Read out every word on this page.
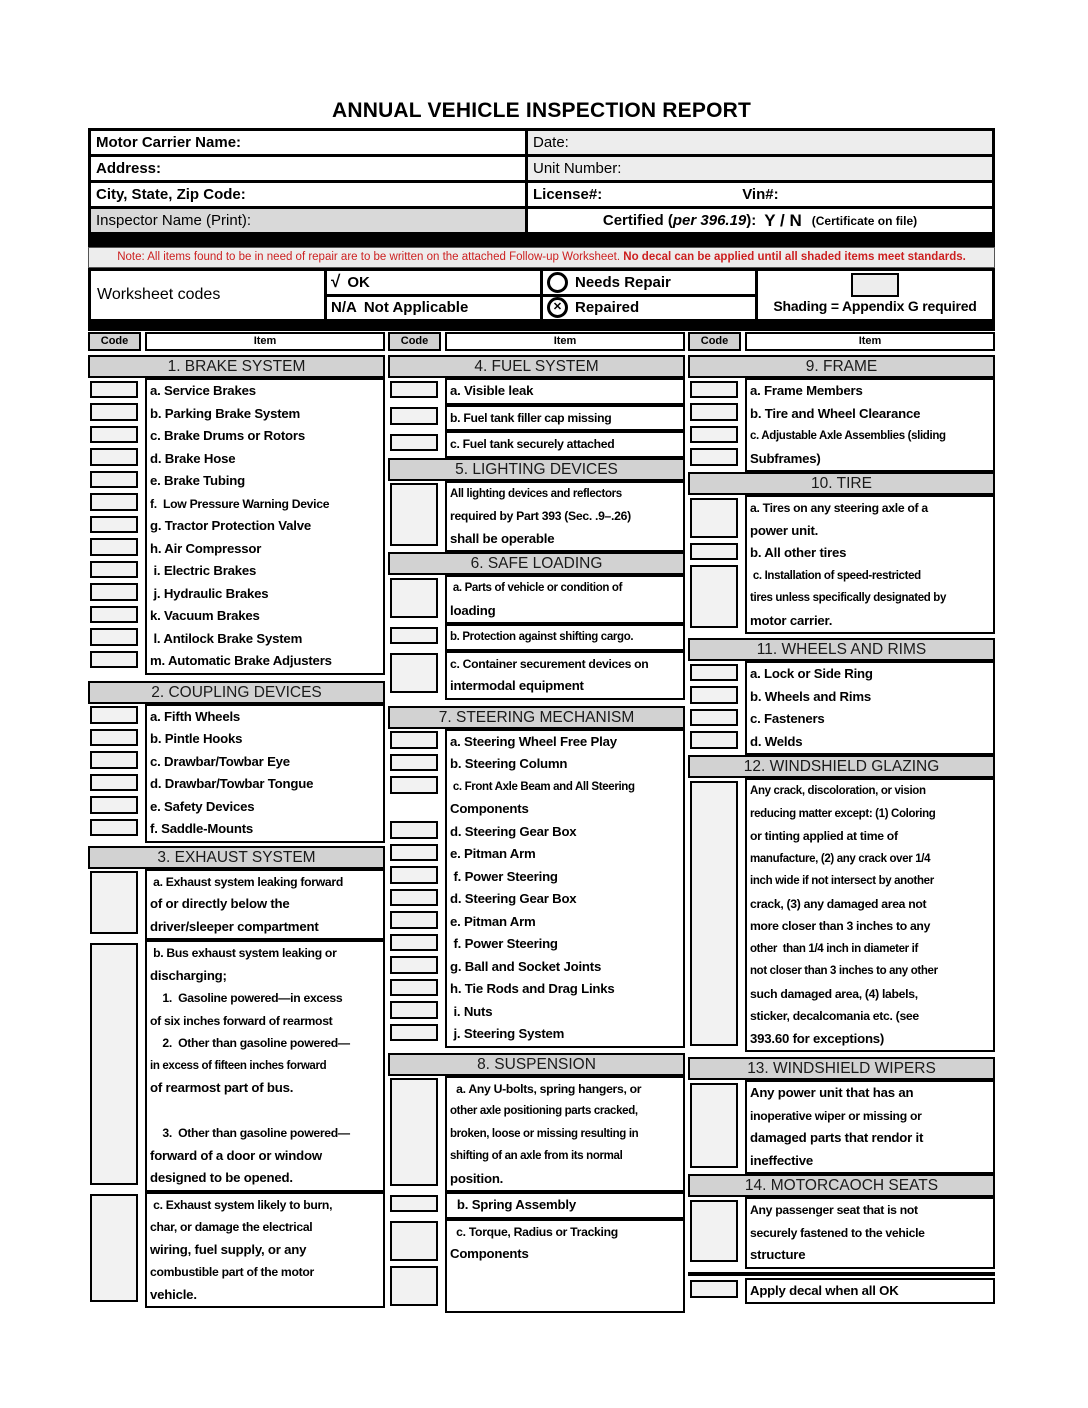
ANNUAL VEHICLE INSPECTION REPORT
Motor Carrier Name:	Date:
Address:	Unit Number:
City, State, Zip Code:	License#:	Vin#:
Inspector Name (Print):	Certified ( per 396.19 ): Y / N (Certificate on file)
Note: All items found to be in need of repair are to be written on the attached Follow-up Worksheet. No decal can be applied until all shaded items meet standards.
Worksheet codes
√ OK
N/A Not Applicable
Needs Repair
✕
Repaired	Shading = Appendix G required
Code	Item
1. BRAKE SYSTEM
a. Service Brakes
b. Parking Brake System
c. Brake Drums or Rotors
d. Brake Hose
e. Brake Tubing
f.  Low Pressure Warning Device
g. Tractor Protection Valve
h. Air Compressor
i. Electric Brakes
j. Hydraulic Brakes
k. Vacuum Brakes
l. Antilock Brake System
m. Automatic Brake Adjusters
2. COUPLING DEVICES
a. Fifth Wheels
b. Pintle Hooks
c. Drawbar/Towbar Eye
d. Drawbar/Towbar Tongue
e. Safety Devices
f. Saddle-Mounts
3. EXHAUST SYSTEM
a. Exhaust system leaking forward
of or directly below the
driver/sleeper compartment
b. Bus exhaust system leaking or
discharging;
1.  Gasoline powered—in excess
of six inches forward of rearmost
2.  Other than gasoline powered—
in excess of fifteen inches forward
of rearmost part of bus.
3.  Other than gasoline powered—
forward of a door or window
designed to be opened.
c. Exhaust system likely to burn,
char, or damage the electrical
wiring, fuel supply, or any
combustible part of the motor
vehicle.
Code	Item
4. FUEL SYSTEM
a. Visible leak
b. Fuel tank filler cap missing
c. Fuel tank securely attached
5. LIGHTING DEVICES
All lighting devices and reflectors
required by Part 393 (Sec. .9–.26)
shall be operable
6. SAFE LOADING
a. Parts of vehicle or condition of
loading
b. Protection against shifting cargo.
c. Container securement devices on
intermodal equipment
7. STEERING MECHANISM
a. Steering Wheel Free Play
b. Steering Column
c. Front Axle Beam and All Steering
Components
d. Steering Gear Box
e. Pitman Arm
f. Power Steering
d. Steering Gear Box
e. Pitman Arm
f. Power Steering
g. Ball and Socket Joints
h. Tie Rods and Drag Links
i. Nuts
j. Steering System
8. SUSPENSION
a. Any U-bolts, spring hangers, or
other axle positioning parts cracked,
broken, loose or missing resulting in
shifting of an axle from its normal
position.
b. Spring Assembly
c. Torque, Radius or Tracking
Components
Code	Item
9. FRAME
a. Frame Members
b. Tire and Wheel Clearance
c. Adjustable Axle Assemblies (sliding
Subframes)
10. TIRE
a. Tires on any steering axle of a
power unit.
b. All other tires
c. Installation of speed-restricted
tires unless specifically designated by
motor carrier.
11. WHEELS AND RIMS
a. Lock or Side Ring
b. Wheels and Rims
c. Fasteners
d. Welds
12. WINDSHIELD GLAZING
Any crack, discoloration, or vision
reducing matter except: (1) Coloring
or tinting applied at time of
manufacture, (2) any crack over 1/4
inch wide if not intersect by another
crack, (3) any damaged area not
more closer than 3 inches to any
other  than 1/4 inch in diameter if
not closer than 3 inches to any other
such damaged area, (4) labels,
sticker, decalcomania etc. (see
393.60 for exceptions)
13. WINDSHIELD WIPERS
Any power unit that has an
inoperative wiper or missing or
damaged parts that rendor it
ineffective
14. MOTORCAOCH SEATS
Any passenger seat that is not
securely fastened to the vehicle
structure
Apply decal when all OK
